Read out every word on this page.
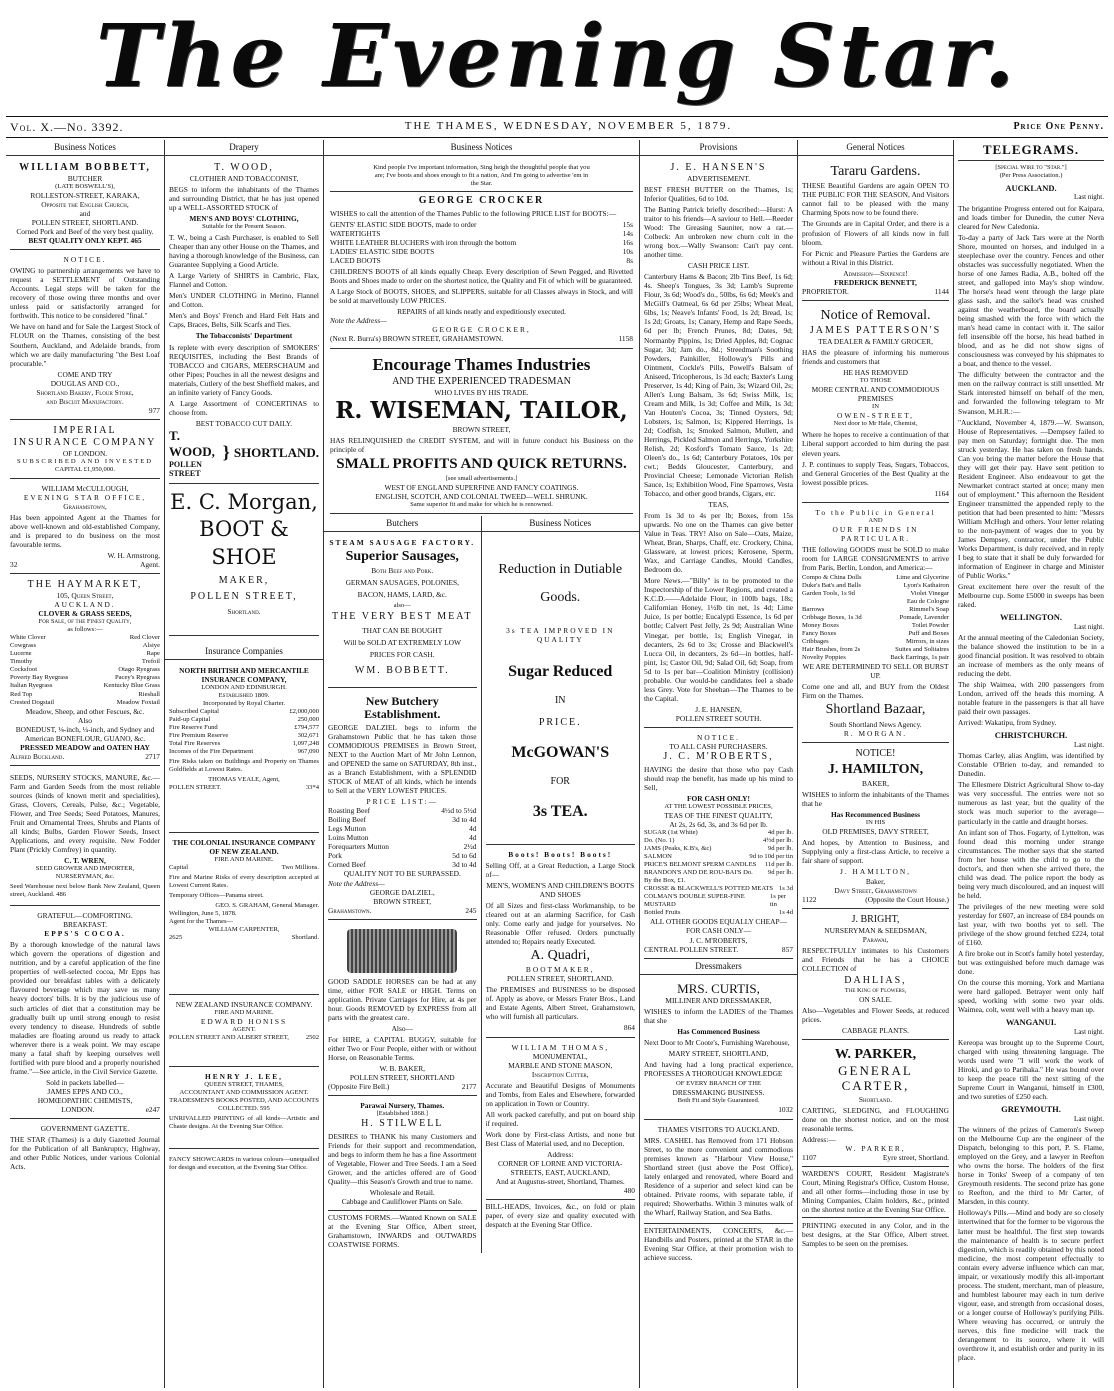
The Evening Star.
Vol. X.—No. 3392.	THE THAMES, WEDNESDAY, NOVEMBER 5, 1879.	Price One Penny.
Business Notices
WILLIAM BOBBETT,
BUTCHER
(LATE BOSWELL'S),
ROLLESTON-STREET, KARAKA,
Opposite the English Church,
and
POLLEN STREET, SHORTLAND.
Corned Pork and Beef of the very best quality.
BEST QUALITY ONLY KEPT. 465
NOTICE.

OWING to partnership arrangements we have to request a SETTLEMENT of Outstanding Accounts. Legal steps will be taken for the recovery of those owing three months and over unless paid or satisfactorily arranged for forthwith. This notice to be considered "final."

We have on hand and for Sale the Largest Stock of FLOUR on the Thames, consisting of the best Southern, Auckland, and Adelaide brands, from which we are daily manufacturing "the Best Loaf procurable."

COME AND TRY
DOUGLAS AND CO.,
Shortland Bakery, Flour Store,
and Biscuit Manufactory.
977
IMPERIAL
INSURANCE COMPANY
OF LONDON.
SUBSCRIBED AND INVESTED
CAPITAL £1,950,000.
WILLIAM McCULLOUGH,
EVENING STAR OFFICE,
Grahamstown,

Has been appointed Agent at the Thames for above well-known and old-established Company, and is prepared to do business on the most favourable terms.

W. H. Armstrong,
32	Agent.
THE HAYMARKET,
105, Queen Street,
AUCKLAND.
CLOVER & GRASS SEEDS,
For Sale, of the Finest Quality,
as follows:—
White Clover	Red Clover
Cowgrass	Alsiye
Lucerne	Rape
Timothy	Trefoil
Cocksfoot	Otago Ryegrass
Poverty Bay Ryegrass	Pacey's Ryegrass
Italian Ryegrass	Kentucky Blue Grass
Red Top	Rieshall
Crested Dogstail	Meadow Foxtail
Meadow, Sheep, and other Fescues, &c.
Also
BONEDUST, ⅛-inch, ¼-inch, and Sydney and American BONEFLOUR, GUANO, &c.
PRESSED MEADOW and OATEN HAY
Alfred Buckland.	2717

SEEDS, NURSERY STOCKS, MANURE, &c.—Farm and Garden Seeds from the most reliable sources (kinds of known merit and specialities), Grass, Clovers, Cereals, Pulse, &c.; Vegetable, Flower, and Tree Seeds; Seed Potatoes, Manures, Fruit and Ornamental Trees, Shrubs and Plants of all kinds; Bulbs, Garden Flower Seeds, Insect Applications, and every requisite. New Fodder Plant (Prickly Comfrey) in quantity.

C. T. WREN,
SEED GROWER AND IMPORTER,
NURSERYMAN, &c.

Seed Warehouse next below Bank New Zealand, Queen street, Auckland. 486

GRATEFUL—COMFORTING.
BREAKFAST.
EPPS'S COCOA.

By a thorough knowledge of the natural laws which govern the operations of digestion and nutrition, and by a careful application of the fine properties of well-selected cocoa, Mr Epps has provided our breakfast tables with a delicately flavoured beverage which may save us many heavy doctors' bills. It is by the judicious use of such articles of diet that a constitution may be gradually built up until strong enough to resist every tendency to disease. Hundreds of subtle maladies are floating around us ready to attack wherever there is a weak point. We may escape many a fatal shaft by keeping ourselves well fortified with pure blood and a properly nourished frame."—See article, in the Civil Service Gazette.

Sold in packets labelled—
JAMES EPPS AND CO.,
HOMŒOPATHIC CHEMISTS,
LONDON.	e247
GOVERNMENT GAZETTE.

THE STAR (Thames) is a duly Gazetted Journal for the Publication of all Bankruptcy, Highway, and other Public Notices, under various Colonial Acts.

Drapery
T. WOOD,
CLOTHIER AND TOBACCONIST,

BEGS to inform the inhabitants of the Thames and surrounding District, that he has just opened up a WELL-ASSORTED STOCK of

MEN'S AND BOYS' CLOTHING,
Suitable for the Present Season.

T. W., being a Cash Purchaser, is enabled to Sell Cheaper than any other House on the Thames, and having a thorough knowledge of the Business, can Guarantee Supplying a Good Article.

A Large Variety of SHIRTS in Cambric, Flax, Flannel and Cotton.

Men's UNDER CLOTHING in Merino, Flannel and Cotton.

Men's and Boys' French and Hard Felt Hats and Caps, Braces, Belts, Silk Scarfs and Ties.

The Tobacconists' Department

Is replete with every description of SMOKERS' REQUISITES, including the Best Brands of TOBACCO and CIGARS, MEERSCHAUM and other Pipes; Pouches in all the newest designs and materials, Cutlery of the best Sheffield makes, and an infinite variety of Fancy Goods.

A Large Assortment of CONCERTINAS to choose from.

BEST TOBACCO CUT DAILY.
T. WOOD,
POLLEN STREET
} SHORTLAND.
E. C. Morgan,
BOOT & SHOE
MAKER,
POLLEN STREET,
Shortland.
Insurance Companies
NORTH BRITISH AND MERCANTILE INSURANCE COMPANY,
LONDON AND EDINBURGH.
Established 1809.
Incorporated by Royal Charter.
Subscribed Capital	£2,000,000
Paid-up Capital	250,000
Fire Reserve Fund	£794,577
Fire Premium Reserve	302,671
Total Fire Reserves	1,097,248
Incomes of the Fire Department	967,090

Fire Risks taken on Buildings and Property on Thames Goldfields at Lowest Rates.

THOMAS VEALE, Agent,
POLLEN STREET.	33*4
THE COLONIAL INSURANCE COMPANY OF NEW ZEALAND.
FIRE AND MARINE.
Capital	Two Millions.

Fire and Marine Risks of every description accepted at Lowest Current Rates.

Temporary Offices—Panama street.

GEO. S. GRAHAM, General Manager.
Wellington, June 5, 1878.
Agent for the Thames—
WILLIAM CARPENTER,
2625	Shortland.
NEW ZEALAND INSURANCE COMPANY.
FIRE AND MARINE.
EDWARD HONISS
AGENT.
POLLEN STREET AND ALBERT STREET,	2502
HENRY J. LEE,
QUEEN STREET, THAMES,
ACCOUNTANT AND COMMISSION AGENT.
TRADESMEN'S BOOKS POSTED, AND ACCOUNTS COLLECTED. 595

UNRIVALLED PRINTING of all kinds—Artistic and Chaste designs. At the Evening Star Office.

FANCY SHOWCARDS in various colours—unequalled for design and execution, at the Evening Star Office.

Business Notices

Kind people I've important information, Sing heigh the thoughtful people that you are; I've boots and shoes enough to fit a nation, And I'm going to advertise 'em in the Star.

GEORGE CROCKER

WISHES to call the attention of the Thames Public to the following PRICE LIST for BOOTS:—

GENTS' ELASTIC SIDE BOOTS, made to order	15s
WATERTIGHTS	14s
WHITE LEATHER BLUCHERS with iron through the bottom	16s
LADIES' ELASTIC SIDE BOOTS	10s
LACED BOOTS	8s

CHILDREN'S BOOTS of all kinds equally Cheap. Every description of Sewn Pegged, and Rivetted Boots and Shoes made to order on the shortest notice, the Quality and Fit of which will be guaranteed.

A Large Stock of BOOTS, SHOES, and SLIPPERS, suitable for all Classes always in Stock, and will be sold at marvellously LOW PRICES.

REPAIRS of all kinds neatly and expeditiously executed.
Note the Address—
GEORGE CROCKER,
(Next R. Burra's) BROWN STREET, GRAHAMSTOWN.	1158
Encourage Thames Industries
AND THE EXPERIENCED TRADESMAN
WHO LIVES BY HIS TRADE.
R. WISEMAN, TAILOR,
BROWN STREET,

HAS RELINQUISHED the CREDIT SYSTEM, and will in future conduct his Business on the principle of

SMALL PROFITS AND QUICK RETURNS.
[see small advertisements.]
WEST OF ENGLAND SUPERFINE AND FANCY COATINGS.
ENGLISH, SCOTCH, AND COLONIAL TWEED—WELL SHRUNK.
Same superior fit and make for which he is renowned.
Butchers
STEAM SAUSAGE FACTORY.
Superior Sausages,
Both Beef and Pork.
GERMAN SAUSAGES, POLONIES,
BACON, HAMS, LARD, &c.
also—
THE VERY BEST MEAT
THAT CAN BE BOUGHT
Will be SOLD AT EXTREMELY LOW
PRICES FOR CASH.
WM. BOBBETT.
New Butchery Establishment.

GEORGE DALZIEL begs to inform the Grahamstown Public that he has taken those COMMODIOUS PREMISES in Brown Street, NEXT to the Auction Mart of Mr John Lennon, and OPENED the same on SATURDAY, 8th inst., as a Branch Establishment, with a SPLENDID STOCK of MEAT of all kinds, which he intends to Sell at the VERY LOWEST PRICES.

PRICE LIST:—
Roasting Beef	4½d to 5½d
Boiling Beef	3d to 4d
Legs Mutton	4d
Loins Mutton	4d
Forequarters Mutton	2½d
Pork	5d to 6d
Corned Beef	3d to 4d
QUALITY NOT TO BE SURPASSED.
Note the Address—
GEORGE DALZIEL,
BROWN STREET,
Grahamstown.	245

GOOD SADDLE HORSES can be had at any time, either FOR SALE or HIGH. Terms on application. Private Carriages for Hire, at 4s per hour. Goods REMOVED by EXPRESS from all parts with the greatest care.

Also—

For HIRE, a CAPITAL BUGGY, suitable for either Two or Four People, either with or without Horse, on Reasonable Terms.

W. B. BAKER,
POLLEN STREET, SHORTLAND
(Opposite Fire Bell.)	2177
Parawai Nursery, Thames.
[Established 1868.]
H. STILWELL

DESIRES to THANK his many Customers and Friends for their support and recommendation, and begs to inform them he has a fine Assortment of Vegetable, Flower and Tree Seeds. I am a Seed Grower, and the articles offered are of Good Quality—this Season's Growth and true to name.

Wholesale and Retail.
Cabbage and Cauliflower Plants on Sale.

CUSTOMS FORMS.—Wanted Known on SALE at the Evening Star Office, Albert street, Grahamstown, INWARDS and OUTWARDS COASTWISE FORMS.

Business Notices
Reduction in Dutiable
Goods.
3s TEA IMPROVED IN QUALITY
Sugar Reduced
IN
PRICE.
McGOWAN'S
FOR
3s TEA.
Boots! Boots! Boots!

Selling Off, at a Great Reduction, a Large Stock of—

MEN'S, WOMEN'S AND CHILDREN'S BOOTS AND SHOES

Of all Sizes and first-class Workmanship, to be cleared out at an alarming Sacrifice, for Cash only. Come early and judge for yourselves. No Reasonable Offer refused. Orders punctually attended to; Repairs neatly Executed.

A. Quadri,
BOOTMAKER,
POLLEN STREET, SHORTLAND.

The PREMISES and BUSINESS to be disposed of. Apply as above, or Messrs Frater Bros., Land and Estate Agents, Albert Street, Grahamstown, who will furnish all particulars.

864
WILLIAM THOMAS,
MONUMENTAL,
MARBLE AND STONE MASON,
Inscription Cutter,

Accurate and Beautiful Designs of Monuments and Tombs, from Eales and Elsewhere, forwarded on application in Town or Country.

All work packed carefully, and put on board ship if required.

Work done by First-class Artists, and none but Best Class of Material used, and no Deception.

Address:
CORNER OF LORNE AND VICTORIA-STREETS, EAST, AUCKLAND,
And at Augustus-street, Shortland, Thames.
480

BILL-HEADS, Invoices, &c., on fold or plain paper, of every size and quality executed with despatch at the Evening Star Office.

Provisions
J. E. HANSEN'S
ADVERTISEMENT.

BEST FRESH BUTTER on the Thames, 1s; Inferior Qualities, 6d to 10d.

The Batting Patrick briefly described:—Hurst: A traitor to his friends—A saviour to Hell.—Reeder Wood: The Greasing Sauniter, now a rat.—Colbeck: An unbroken new churn colt in the wrong box.—Wally Swanson: Can't pay cent. another time.

CASH PRICE LIST.

Canterbury Hams & Bacon; 2lb Tins Beef, 1s 6d; 4s. Sheep's Tongues, 3s 3d; Lamb's Supreme Flour, 3s 6d; Wood's do., 50lbs, 6s 6d; Meek's and McGill's Oatmeal, 6s 6d per 25lbs; Wheat Meal, 6lbs, 1s; Neave's Infants' Food, 1s 2d; Bread, 1s; 1s 2d; Groats, 1s; Canary, Hemp and Rape Seeds, 6d per lb; French Prunes, 8d; Dates, 9d; Normanby Pippins, 1s; Dried Apples, 8d; Cognac Sugar, 3d; Jam do., 8d.; Streedman's Soothing Powders, Painkiller, Holloway's Pills and Ointment, Cockle's Pills, Powell's Balsam of Aniseed, Tricopherous, 1s 3d each; Baxter's Lung Preserver, 1s 4d; King of Pain, 3s; Wizard Oil, 2s; Allen's Lung Balsam, 3s 6d; Swiss Milk, 1s; Cream and Milk, 1s 3d; Coffee and Milk, 1s 3d; Van Houten's Cocoa, 3s; Tinned Oysters, 9d; Lobsters, 1s; Salmon, 1s; Kippered Herrings, 1s 2d; Codfish, 1s; Smoked Salmon, Mullett, and Herrings, Pickled Salmon and Herrings, Yorkshire Relish, 2d; Kosford's Tomato Sauce, 1s 2d; Oleen's do., 1s 6d; Canterbury Potatoes, 10s per cwt.; Bedds Gloucester, Canterbury, and Provincial Cheese; Lemonade Victorian Relish Sauce, 1s; Exhibition Wood, Fine Sparrows, Vesta Tobacco, and other good brands, Cigars, etc.

TEAS,

From 1s 3d to 4s per lb; Boxes, from 15s upwards. No one on the Thames can give better Value in Teas. TRY! Also on Sale—Oats, Maize, Wheat, Bran, Sharps, Chaff, etc. Crockery, China, Glassware, at lowest prices; Kerosene, Sperm, Wax, and Carriage Candles, Mould Candles, Bedroom do.

More News.—"Billy" is to be promoted to the Inspectorship of the Lower Regions, and created a K.C.D.——Adelaide Flour, in 100lb bags, 18s; Californian Honey, 1½lb tin net, 1s 4d; Lime Juice, 1s per bottle; Eucalypti Essence, 1s 6d per bottle; Calvert Pest Jelly, 2s 9d; Australian Wine Vinegar, per bottle, 1s; English Vinegar, in decanters, 2s 6d to 3s; Crosse and Blackwell's Lucca Oil, in decanters, 2s 6d—in bottles, half-pint, 1s; Castor Oil, 9d; Salad Oil, 6d; Soap, from 5d to 1s per bar—Coalition Ministry (collision) probable. Our would-be candidates feel a shade less Grey. Vote for Sheehan—The Thames to be the Capital.

J. E. HANSEN,
POLLEN STREET SOUTH.
NOTICE.
TO ALL CASH PURCHASERS.
J. C. M'ROBERTS,

HAVING the desire that those who pay Cash should reap the benefit, has made up his mind to Sell,

FOR CASH ONLY!
AT THE LOWEST POSSIBLE PRICES,
TEAS OF THE FINEST QUALITY,
At 2s, 2s 6d, 3s, and 3s 6d per lb.
SUGAR (1st White)	4d per lb.
Do. (No. 1)	4½d per lb.
JAMS (Peaks, K.B's, &c)	9d per lb.
SALMON	9d to 10d per tin
PRICE'S BELMONT SPERM CANDLES 11d per lb.
BRANDON'S AND DE ROU-BAI'S Do. 9d per lb.
By the Box, £1.
CROSSE & BLACKWELL'S POTTED MEATS 1s 3d
COLMAN'S DOUBLE SUPER-FINE MUSTARD
1s per tin
Bottled Fruits	1s 4d
ALL OTHER GOODS EQUALLY CHEAP—FOR CASH ONLY—
J. C. M'ROBERTS,
CENTRAL POLLEN STREET.	857
Dressmakers
MRS. CURTIS,
MILLINER AND DRESSMAKER,

WISHES to inform the LADIES of the Thames that she

Has Commenced Business

Next Door to Mr Coote's, Furnishing Warehouse,

MARY STREET, SHORTLAND,

And having had a long practical experience, PROFESSES A THOROUGH KNOWLEDGE

OF EVERY BRANCH OF THE
DRESSMAKING BUSINESS.
Both Fit and Style Guaranteed.
1032
THAMES VISITORS TO AUCKLAND.

MRS. CASHEL has Removed from 171 Hobson Street, to the more convenient and commodious premises known as "Harbour View House," Shortland street (just above the Post Office), lately enlarged and renovated, where Board and Residence of a superior and select kind can be obtained. Private rooms, with separate table, if required; Showerbaths. Within 3 minutes walk of the Wharf, Railway Station, and Sea Baths.

ENTERTAINMENTS, CONCERTS, &c.—Handbills and Posters, printed at the STAR in the Evening Star Office, at their promotion wish to achieve success.

General Notices
Tararu Gardens.

THESE Beautiful Gardens are again OPEN TO THE PUBLIC FOR THE SEASON, And Visitors cannot fail to be pleased with the many Charming Spots now to be found there.

The Grounds are in Capital Order, and there is a profusion of Flowers of all kinds now in full bloom.

For Picnic and Pleasure Parties the Gardens are without a Rival in this District.

Admission—Sixpence!
FREDERICK BENNETT,
PROPRIETOR.	1144
Notice of Removal.
JAMES PATTERSON'S
TEA DEALER & FAMILY GROCER,

HAS the pleasure of informing his numerous friends and customers that

HE HAS REMOVED
TO THOSE
MORE CENTRAL AND COMMODIOUS PREMISES
IN
OWEN-STREET,
Next door to Mr Hale, Chemist,

Where he hopes to receive a continuation of that Liberal support accorded to him during the past eleven years.

J. P. continues to supply Teas, Sugars, Tobaccos, and General Groceries of the Best Quality at the lowest possible prices.

1164
To the Public in General
AND
OUR FRIENDS IN PARTICULAR.

THE following GOODS must be SOLD to make room for LARGE CONSIGNMENTS to arrive from Paris, Berlin, London, and America:—

Compo & China Dolls	Lime and Glycerine
Duke's Bat's and Balls	Lyon's Kathairon
Garden Tools, 1s 9d	Violet Vinegar
Eau de Cologne
Barrows	Rimmel's Soap
Cribbage Boxes, 1s 3d	Pomade, Lavender
Money Boxes	Toilet Powder
Fancy Boxes	Puff and Boxes
Cribbages	Mirrors, in sizes
Hair Brushes, from 2s	Suites and Solitaires
Novelty Poppies	Back Earrings, 1s pair
WE ARE DETERMINED TO SELL OR BURST UP.

Come one and all, and BUY from the Oldest Firm on the Thames.

Shortland Bazaar,
South Shortland News Agency.
R. MORGAN.
NOTICE!
J. HAMILTON,
BAKER,

WISHES to inform the inhabitants of the Thames that he

Has Recommenced Business
IN HIS
OLD PREMISES, DAVY STREET,

And hopes, by Attention to Business, and Supplying only a first-class Article, to receive a fair share of support.

J. HAMILTON,
Baker,
Davy Street, Grahamstown
1122	(Opposite the Court House.)
J. BRIGHT,
NURSERYMAN & SEEDSMAN,
Parawai,

RESPECTFULLY intimates to his Customers and Friends that he has a CHOICE COLLECTION of

DAHLIAS,
The King of Flowers,
ON SALE.

Also—Vegetables and Flower Seeds, at reduced prices.

CABBAGE PLANTS.
W. PARKER,
GENERAL CARTER,
Shortland.

CARTING, SLEDGING, and FLOUGHING done on the shortest notice, and on the most reasonable terms.

Address:—
W. PARKER,
1107	Eyre street, Shortland.

WARDEN'S COURT, Resident Magistrate's Court, Mining Registrar's Office, Custom House, and all other forms—including those in use by Mining Companies, Claim holders, &c., printed on the shortest notice at the Evening Star Office.

PRINTING executed in any Color, and in the best designs, at the Star Office, Albert street. Samples to be seen on the premises.

TELEGRAMS.
[Special Wire to "Star."]
(Per Press Association.)
AUCKLAND.
Last night.

The brigantine Progress entered out for Kaipara, and loads timber for Dunedin, the cutter Neva cleared for New Caledonia.

To-day a party of Jack Tars were at the North Shore, mounted on horses, and indulged in a steeplechase over the country. Fences and other obstacles was successfully negotiated. When the horse of one James Radia, A.B., bolted off the street, and galloped into May's shop window. The horse's head went through the large plate glass sash, and the sailor's head was crushed against the weatherboard, the board actually being smashed with the force with which the man's head came in contact with it. The sailor fell insensible off the horse, his head bathed in blood, and as he did not show signs of consciousness was conveyed by his shipmates to a boat, and thence to the vessel.

The difficulty between the contractor and the men on the railway contract is still unsettled. Mr Stark interested himself on behalf of the men, and forwarded the following telegram to Mr Swanson, M.H.R.:—

"Auckland, November 4, 1879.—W. Swanson, House of Representatives. —Dempsey failed to pay men on Saturday; fortnight due. The men struck yesterday. He has taken on fresh hands. Can you bring the matter before the House that they will get their pay. Have sent petition to Resident Engineer. Also endeavour to get the Newmarket contract started at once; many men out of employment." This afternoon the Resident Engineer transmitted the appended reply to the petition that had been presented to him: "Messrs William McHugh and others. Your letter relating to the non-payment of wages due to you by James Dempsey, contractor, under the Public Works Department, is duly received, and in reply I beg to state that it shall be duly forwarded for information of Engineer in charge and Minister of Public Works."

Great excitement here over the result of the Melbourne cup. Some £5000 in sweeps has been raked.

WELLINGTON.
Last night.

At the annual meeting of the Caledonian Society, the balance showed the institution to be in a good financial position. It was resolved to obtain an increase of members as the only means of reducing the debt.

The ship Waimea, with 200 passengers from London, arrived off the heads this morning. A notable feature in the passengers is that all have paid their own passages.

Arrived: Wakatipu, from Sydney.

CHRISTCHURCH.
Last night.

Thomas Carley, alias Anglim, was identified by Constable O'Brien to-day, and remanded to Dunedin.

The Ellesmere District Agricultural Show to-day was very successful. The entries were not so numerous as last year, but the quality of the stock was much superior to the average—particularly in the cattle and draught horses.

An infant son of Thos. Fogarty, of Lyttelton, was found dead this morning under strange circumstances. The mother says that she started from her house with the child to go to the doctor's, and then when she arrived there, the child was dead. The police report the body as being very much discoloured, and an inquest will be held.

The privileges of the new meeting were sold yesterday for £607, an increase of £84 pounds on last year, with two booths yet to sell. The privilege of the show ground fetched £224, total of £160.

A fire broke out in Scott's family hotel yesterday, but was extinguished before much damage was done.

On the course this morning, York and Martiana were hard galloped. Betrayer went only half speed, working with some two year olds. Waimea, colt, went well with a heavy man up.

WANGANUI.
Last night.

Kereopa was brought up to the Supreme Court, charged with using threatening language. The words used were "I will work the work of Hiroki, and go to Parihaka." He was bound over to keep the peace till the next sitting of the Supreme Court in Wanganui, himself in £300, and two sureties of £250 each.

GREYMOUTH.
Last night.

The winners of the prizes of Cameron's Sweep on the Melbourne Cup are the engineer of the Dispatch, belonging to this port, P. S. Flame, employed on the Grey, and a lawyer in Reefton who owns the horse. The holders of the first horse in Tonks' Sweep of a company of ten Greymouth residents. The second prize has gone to Reefton, and the third to Mr Carter, of Marsden, in this county.

Holloway's Pills.—Mind and body are so closely intertwined that for the former to be vigorous the latter must be healthful. The first step towards the maintenance of health is to secure perfect digestion, which is readily obtained by this noted medicine, the most competent effectually to contain every adverse influence which can mar, impair, or vexatiously modify this all-important process. The student, merchant, man of pleasure, and humblest labourer may each in turn derive vigour, ease, and strength from occasional doses, or a longer course of Holloway's purifying Pills. Where weaving has occurred, or untruly the nerves, this fine medicine will track the derangement to its source, where it will overthrow it, and establish order and purity in its place.
